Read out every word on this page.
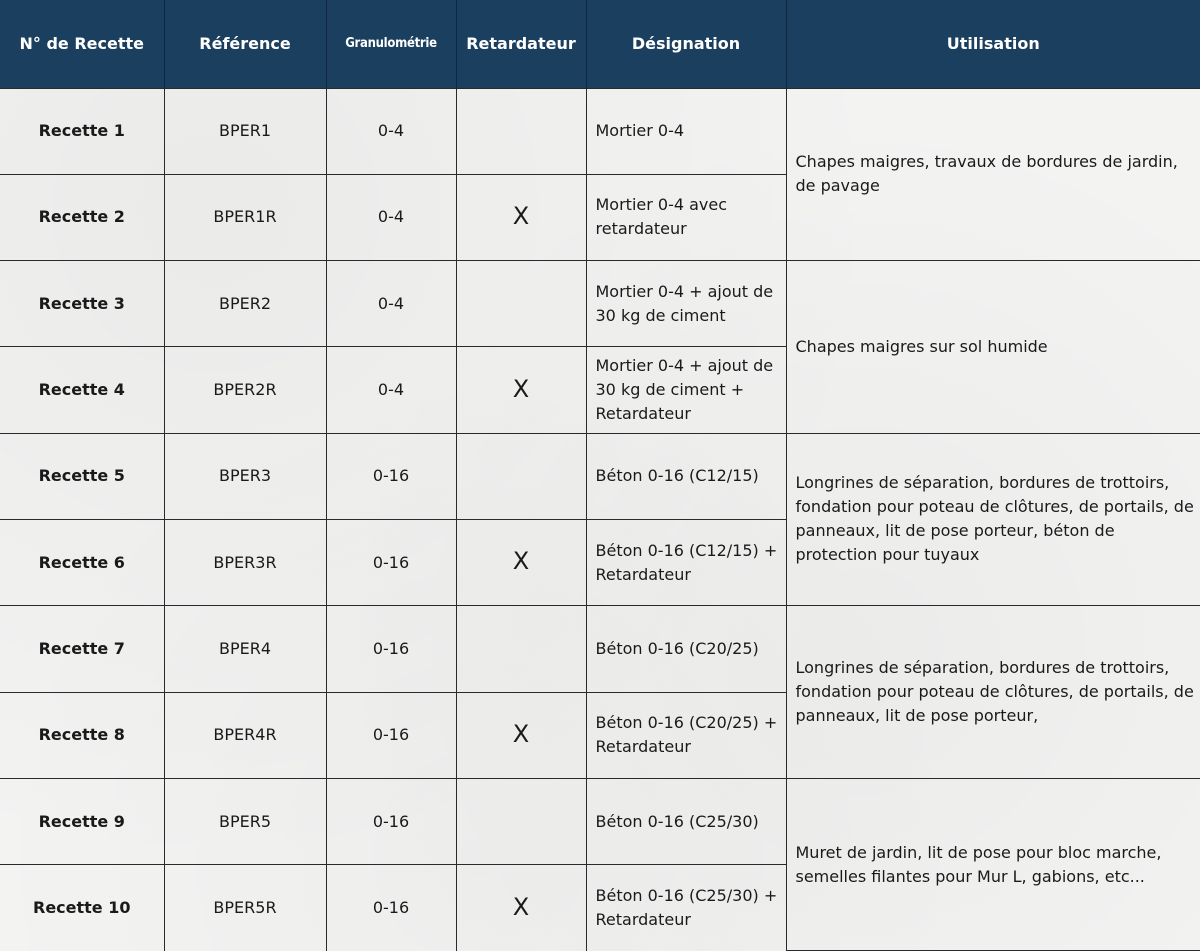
N° de Recette	Référence	Granulométrie	Retardateur	Désignation	Utilisation
Recette 1	BPER1	0-4		Mortier 0-4	Chapes maigres, travaux de bordures de jardin, de pavage
Recette 2	BPER1R	0-4	X	Mortier 0-4 avec retardateur	
Recette 3	BPER2	0-4		Mortier 0-4 + ajout de 30 kg de ciment	Chapes maigres sur sol humide
Recette 4	BPER2R	0-4	X	Mortier 0-4 + ajout de 30 kg de ciment + Retardateur	
Recette 5	BPER3	0-16		Béton 0-16 (C12/15)	Longrines de séparation, bordures de trottoirs, fondation pour poteau de clôtures, de portails, de panneaux, lit de pose porteur, béton de protection pour tuyaux
Recette 6	BPER3R	0-16	X	Béton 0-16 (C12/15) + Retardateur	
Recette 7	BPER4	0-16		Béton 0-16 (C20/25)	Longrines de séparation, bordures de trottoirs, fondation pour poteau de clôtures, de portails, de panneaux, lit de pose porteur,
Recette 8	BPER4R	0-16	X	Béton 0-16 (C20/25) + Retardateur	
Recette 9	BPER5	0-16		Béton 0-16 (C25/30)	Muret de jardin, lit de pose pour bloc marche, semelles filantes pour Mur L, gabions, etc...
Recette 10	BPER5R	0-16	X	Béton 0-16 (C25/30) + Retardateur	
